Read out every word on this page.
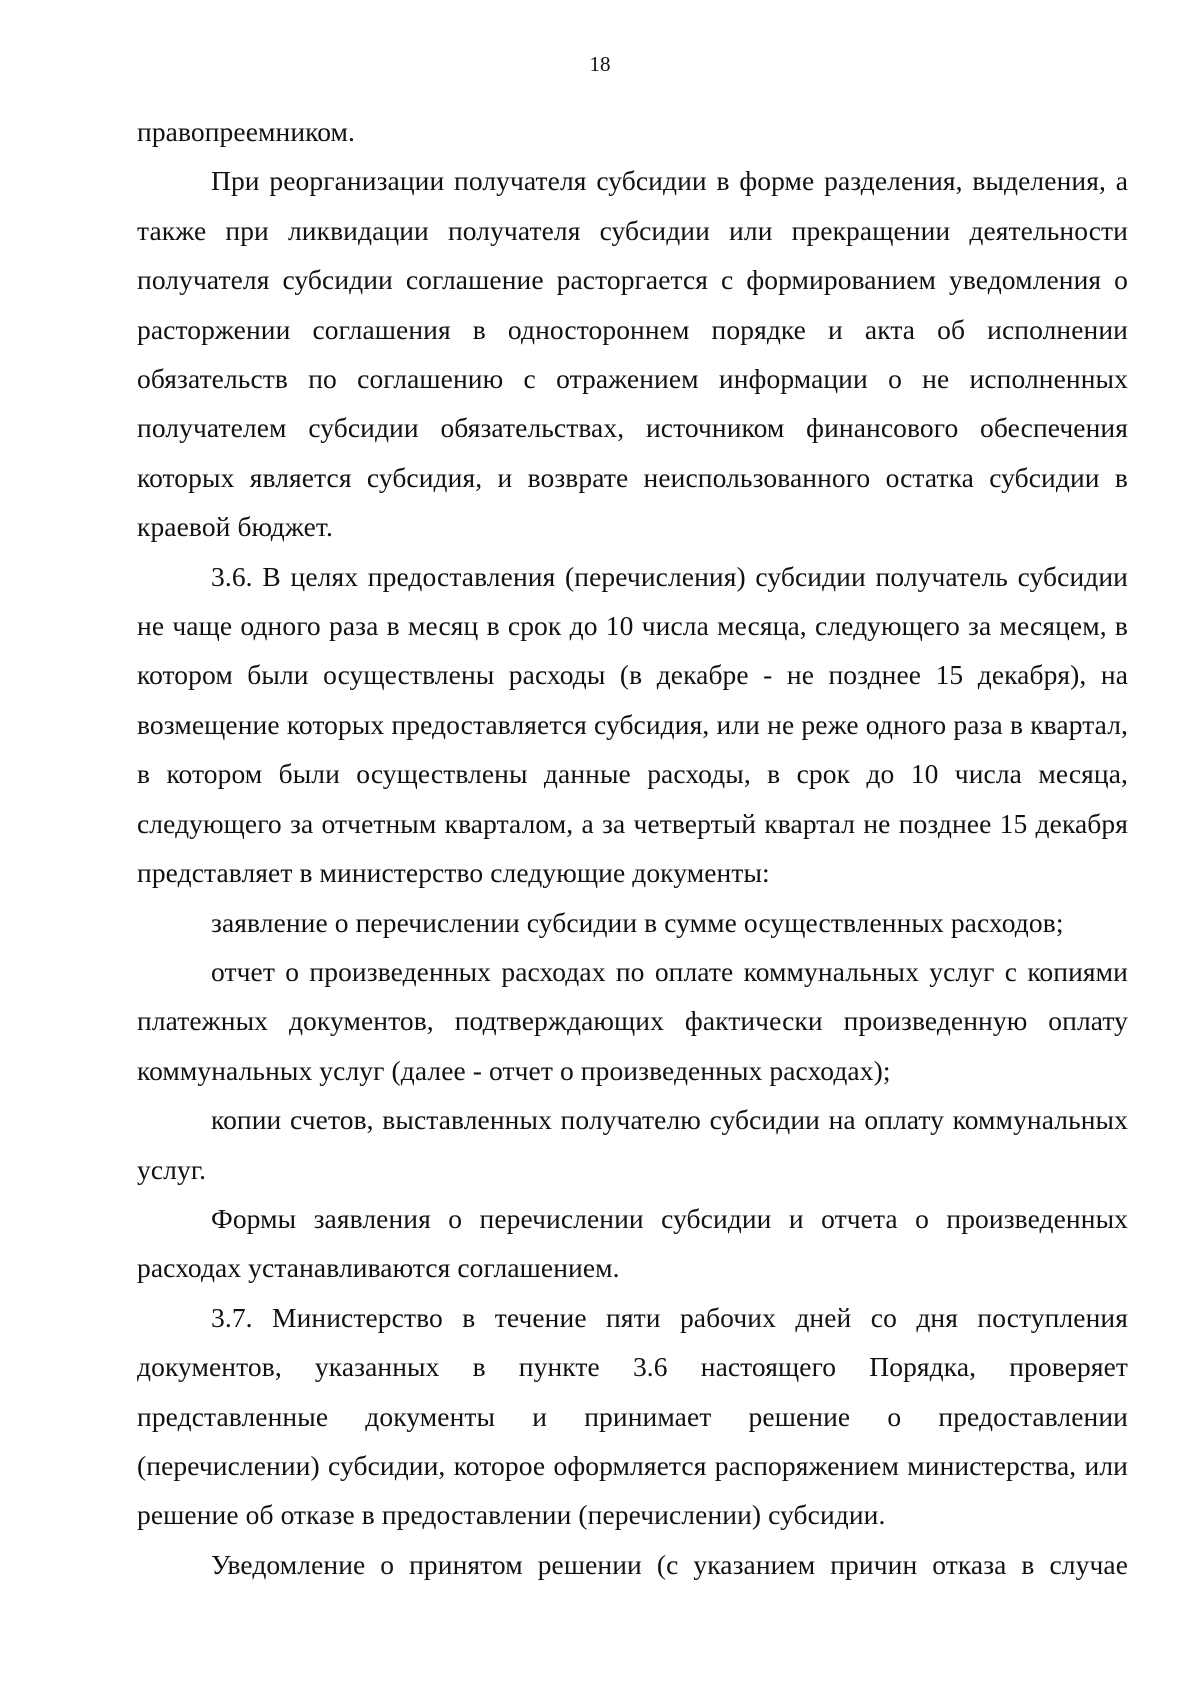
18

правопреемником.

При реорганизации получателя субсидии в форме разделения, выделения, а также при ликвидации получателя субсидии или прекращении деятельности получателя субсидии соглашение расторгается с формированием уведомления о расторжении соглашения в одностороннем порядке и акта об исполнении обязательств по соглашению с отражением информации о не исполненных получателем субсидии обязательствах, источником финансового обеспечения которых является субсидия, и возврате неиспользованного остатка субсидии в краевой бюджет.

3.6. В целях предоставления (перечисления) субсидии получатель субсидии не чаще одного раза в месяц в срок до 10 числа месяца, следующего за месяцем, в котором были осуществлены расходы (в декабре - не позднее 15 декабря), на возмещение которых предоставляется субсидия, или не реже одного раза в квартал, в котором были осуществлены данные расходы, в срок до 10 числа месяца, следующего за отчетным кварталом, а за четвертый квартал не позднее 15 декабря представляет в министерство следующие документы:

заявление о перечислении субсидии в сумме осуществленных расходов;

отчет о произведенных расходах по оплате коммунальных услуг с копиями платежных документов, подтверждающих фактически произведенную оплату коммунальных услуг (далее - отчет о произведенных расходах);

копии счетов, выставленных получателю субсидии на оплату коммунальных услуг.

Формы заявления о перечислении субсидии и отчета о произведенных расходах устанавливаются соглашением.

3.7. Министерство в течение пяти рабочих дней со дня поступления документов, указанных в пункте 3.6 настоящего Порядка, проверяет представленные документы и принимает решение о предоставлении (перечислении) субсидии, которое оформляется распоряжением министерства, или решение об отказе в предоставлении (перечислении) субсидии.

Уведомление о принятом решении (с указанием причин отказа в случае
